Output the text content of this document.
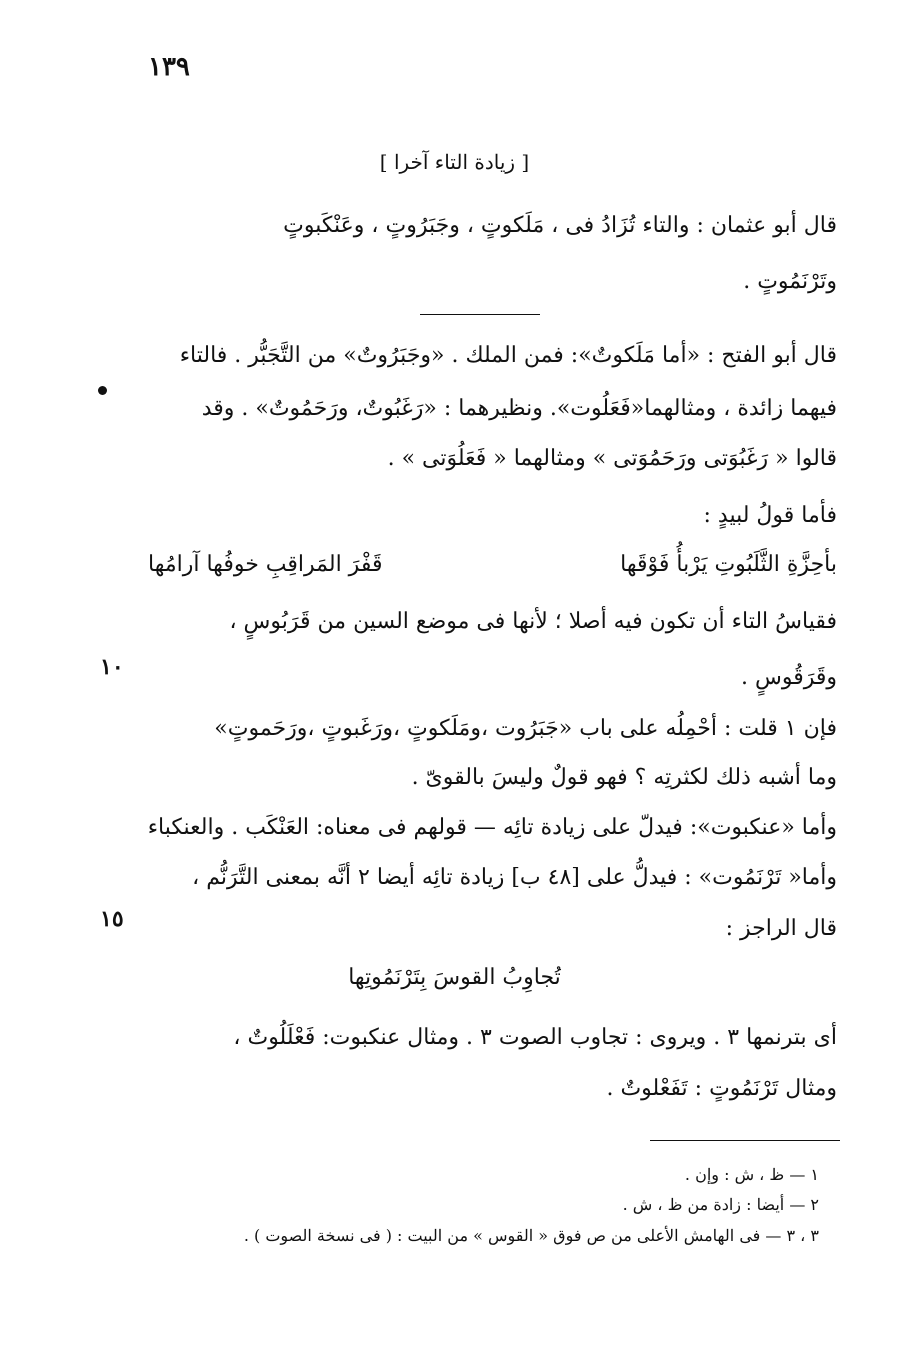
١٣٩
[ زيادة التاء آخرا ]
قال أبو عثمان : والتاء تُزَادُ فى ، مَلَكوتٍ ، وجَبَرُوتٍ ، وعَنْكَبوتٍ
وتَرْنَمُوتٍ .
قال أبو الفتح : «أما مَلَكوتٌ»: فمن الملك . «وجَبَرُوتٌ» من التَّجَبُّر . فالتاء
فيهما زائدة ، ومثالهما«فَعَلُوت». ونظيرهما : «رَغَبُوتٌ، ورَحَمُوتٌ» . وقد
قالوا « رَغَبُوَتى ورَحَمُوَتى » ومثالهما « فَعَلُوَتى » .
فأما قولُ لبيدٍ :
بأحِزَّةِ الثَّلَبُوتِ يَرْبأُ فَوْقَها
قَفْرَ المَراقِبِ خوفُها آرامُها
فقياسُ التاء أن تكون فيه أصلا ؛ لأنها فى موضع السين من قَرَبُوسٍ ،
١٠	وقَرَقُوسٍ .
فإن ١ قلت : أحْمِلُه على باب «جَبَرُوت ،ومَلَكوتٍ ،ورَغَبوتٍ ،ورَحَموتٍ»
وما أشبه ذلك لكثرتِه ؟ فهو قولٌ وليسَ بالقوىّ .
وأما «عنكبوت»: فيدلّ على زيادة تائِه — قولهم فى معناه: العَنْكَب . والعنكباء
وأما« تَرْنَمُوت» : فيدلُّ على [٤٨ ب] زيادة تائِه أيضا ٢ أنَّه بمعنى التَّرَنُّم ،
١٥	قال الراجز :
تُجاوِبُ القوسَ بِتَرْنَمُوتِها
أى بترنمها ٣ . ويروى : تجاوب الصوت ٣ . ومثال عنكبوت: فَعْلَلُوتٌ ،
ومثال تَرْنَمُوتٍ : تَفَعْلوتٌ .
١ — ظ ، ش : وإن .
٢ — أيضا : زادة من ظ ، ش .
٣ ، ٣ — فى الهامش الأعلى من ص فوق « القوس » من البيت : ( فى نسخة الصوت ) .
